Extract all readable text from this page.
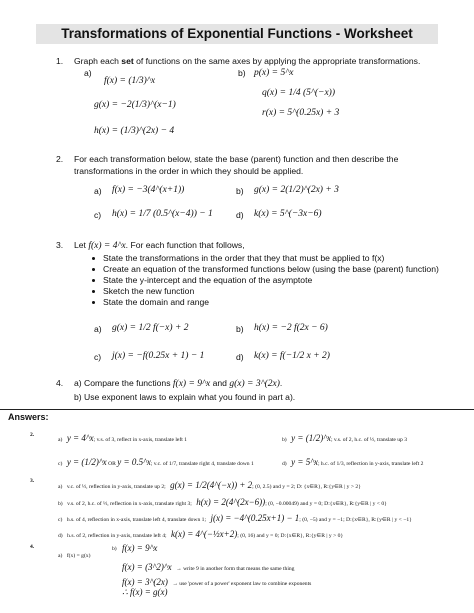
Transformations of Exponential Functions - Worksheet
1. Graph each set of functions on the same axes by applying the appropriate transformations.
a)
f(x) = (1/3)^x
g(x) = −2(1/3)^(x−1)
h(x) = (1/3)^(2x) − 4
b) p(x) = 5^x
q(x) = 1/4 (5^(−x))
r(x) = 5^(0.25x) + 3
2. For each transformation below, state the base (parent) function and then describe the
transformations in the order in which they should be applied.
a) f(x) = −3(4^(x+1))	b) g(x) = 2(1/2)^(2x) + 3
c) h(x) = 1/7 (0.5^(x−4)) − 1	d) k(x) = 5^(−3x−6)
3. Let f(x) = 4^x. For each function that follows,
State the transformations in the order that they that must be applied to f(x)
Create an equation of the transformed functions below (using the base (parent) function)
State the y-intercept and the equation of the asymptote
Sketch the new function
State the domain and range
a) g(x) = 1/2 f(−x) + 2	b) h(x) = −2 f(2x − 6)
c) j(x) = −f(0.25x + 1) − 1	d) k(x) = f(−1/2 x + 2)
4. a) Compare the functions f(x) = 9^x and g(x) = 3^(2x).
b) Use exponent laws to explain what you found in part a).
Answers:
2.
a) y = 4^x; v.s. of 3, reflect in x-axis, translate left 1	b) y = (1/2)^x; v.s. of 2, h.c. of ½, translate up 3
c) y = (1/2)^x OR y = 0.5^x; v.c. of 1/7, translate right 4, translate down 1	d) y = 5^x; h.c. of 1/3, reflection in y-axis, translate left 2
3.
a) v.c. of ½, reflection in y-axis, translate up 2; g(x) = 1/2(4^(−x)) + 2; (0, 2.5) and y = 2; D: {x∈R}, R:{y∈R | y > 2}
b) v.s. of 2, h.c. of ½, reflection in x-axis, translate right 3; h(x) = 2(4^(2x−6)); (0, −0.00049) and y = 0; D:{x∈R}, R:{y∈R | y < 0}
c) h.s. of 4, reflection in x-axis, translate left 4, translate down 1; j(x) = −4^(0.25x+1) − 1; (0, −5) and y = −1; D:{x∈R}, R:{y∈R | y < −1}
d) h.s. of 2, reflection in y-axis, translate left 4; k(x) = 4^(−½x+2); (0, 16) and y = 0; D:{x∈R}, R:{y∈R | y > 0}
4.
a) f(x) = g(x)
b) f(x) = 9^x
f(x) = (3^2)^x → write 9 in another form that means the same thing
f(x) = 3^(2x) → use 'power of a power' exponent law to combine exponents
∴ f(x) = g(x)
